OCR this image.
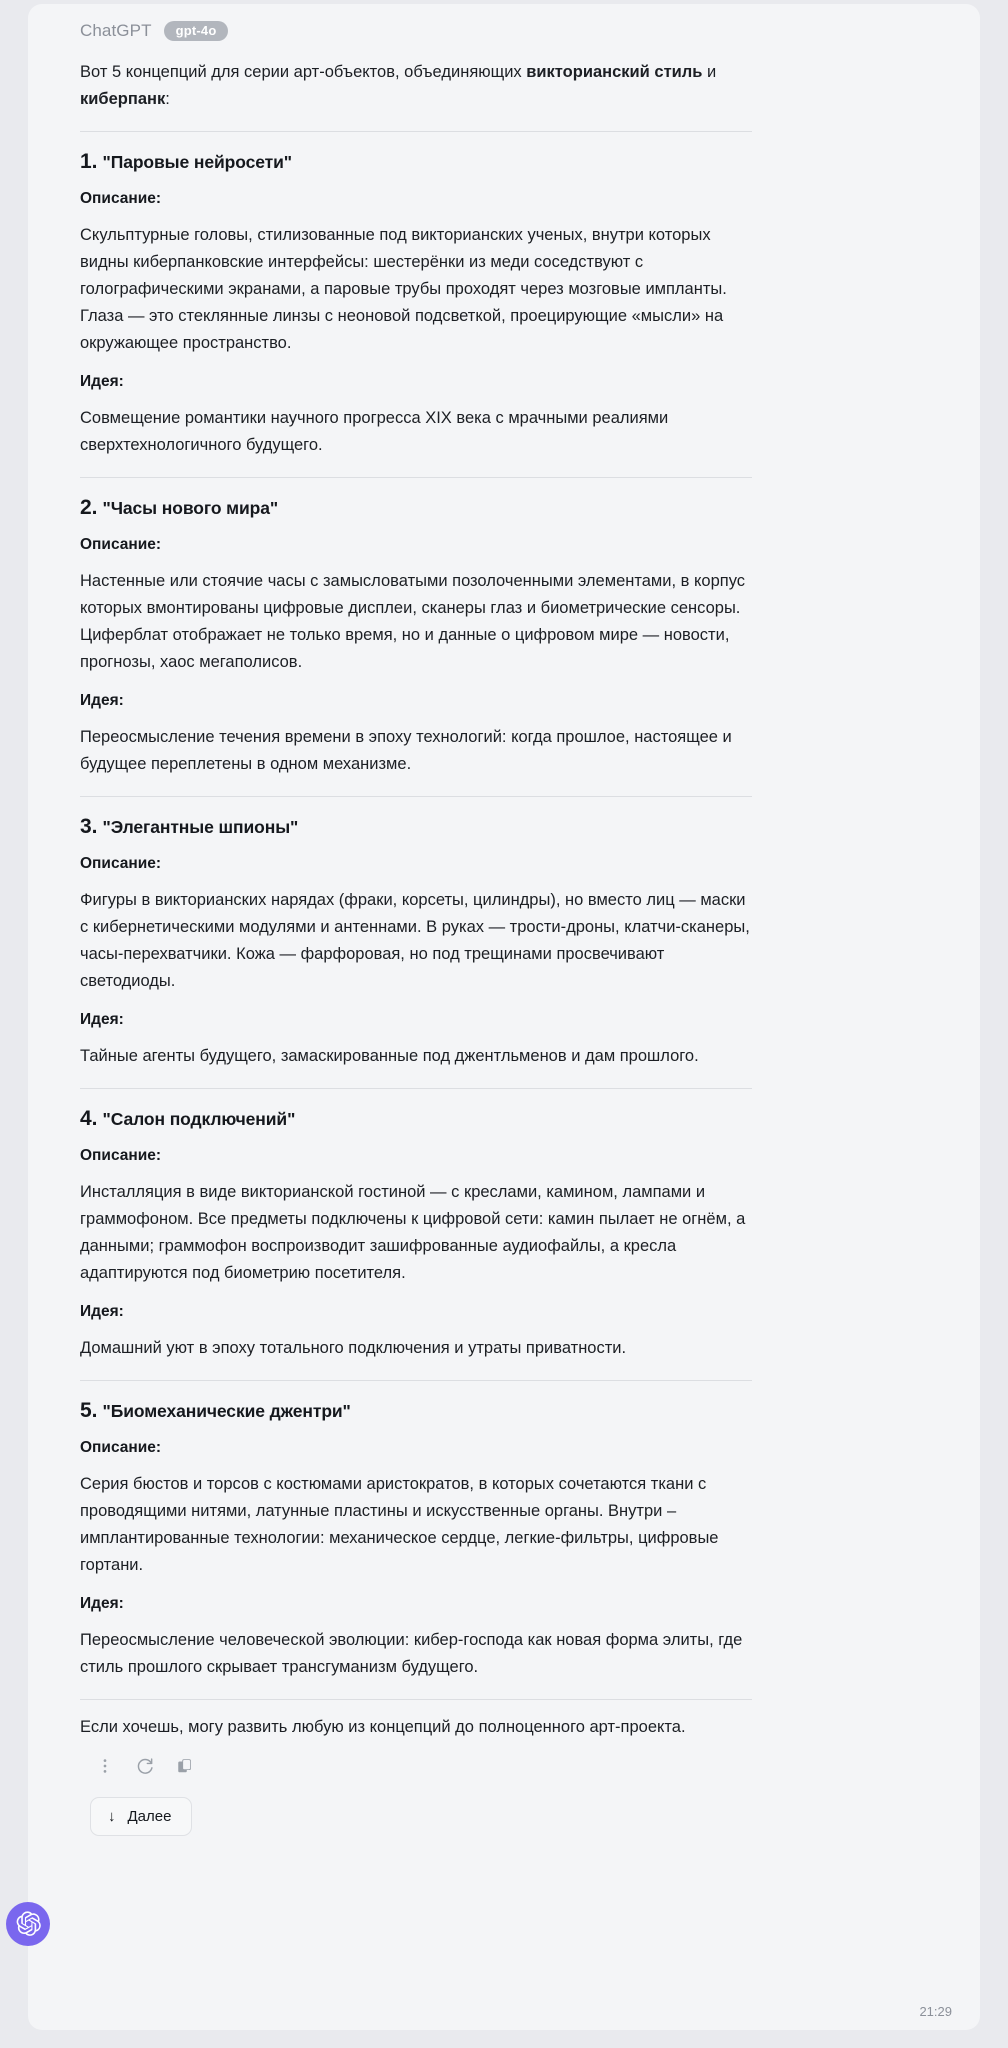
ChatGPT	gpt-4o

Вот 5 концепций для серии арт-объектов, объединяющих викторианский стиль и киберпанк:

1. "Паровые нейросети"
Описание:

Скульптурные головы, стилизованные под викторианских ученых, внутри которых видны киберпанковские интерфейсы: шестерёнки из меди соседствуют с голографическими экранами, а паровые трубы проходят через мозговые импланты. Глаза — это стеклянные линзы с неоновой подсветкой, проецирующие «мысли» на окружающее пространство.

Идея:

Совмещение романтики научного прогресса XIX века с мрачными реалиями сверхтехнологичного будущего.

2. "Часы нового мира"
Описание:

Настенные или стоячие часы с замысловатыми позолоченными элементами, в корпус которых вмонтированы цифровые дисплеи, сканеры глаз и биометрические сенсоры. Циферблат отображает не только время, но и данные о цифровом мире — новости, прогнозы, хаос мегаполисов.

Идея:

Переосмысление течения времени в эпоху технологий: когда прошлое, настоящее и будущее переплетены в одном механизме.

3. "Элегантные шпионы"
Описание:

Фигуры в викторианских нарядах (фраки, корсеты, цилиндры), но вместо лиц — маски с кибернетическими модулями и антеннами. В руках — трости-дроны, клатчи-сканеры, часы-перехватчики. Кожа — фарфоровая, но под трещинами просвечивают светодиоды.

Идея:

Тайные агенты будущего, замаскированные под джентльменов и дам прошлого.

4. "Салон подключений"
Описание:

Инсталляция в виде викторианской гостиной — с креслами, камином, лампами и граммофоном. Все предметы подключены к цифровой сети: камин пылает не огнём, а данными; граммофон воспроизводит зашифрованные аудиофайлы, а кресла адаптируются под биометрию посетителя.

Идея:

Домашний уют в эпоху тотального подключения и утраты приватности.

5. "Биомеханические джентри"
Описание:

Серия бюстов и торсов с костюмами аристократов, в которых сочетаются ткани с проводящими нитями, латунные пластины и искусственные органы. Внутри – имплантированные технологии: механическое сердце, легкие-фильтры, цифровые гортани.

Идея:

Переосмысление человеческой эволюции: кибер-господа как новая форма элиты, где стиль прошлого скрывает трансгуманизм будущего.

Если хочешь, могу развить любую из концепций до полноценного арт-проекта.

↓ Далее
21:29
